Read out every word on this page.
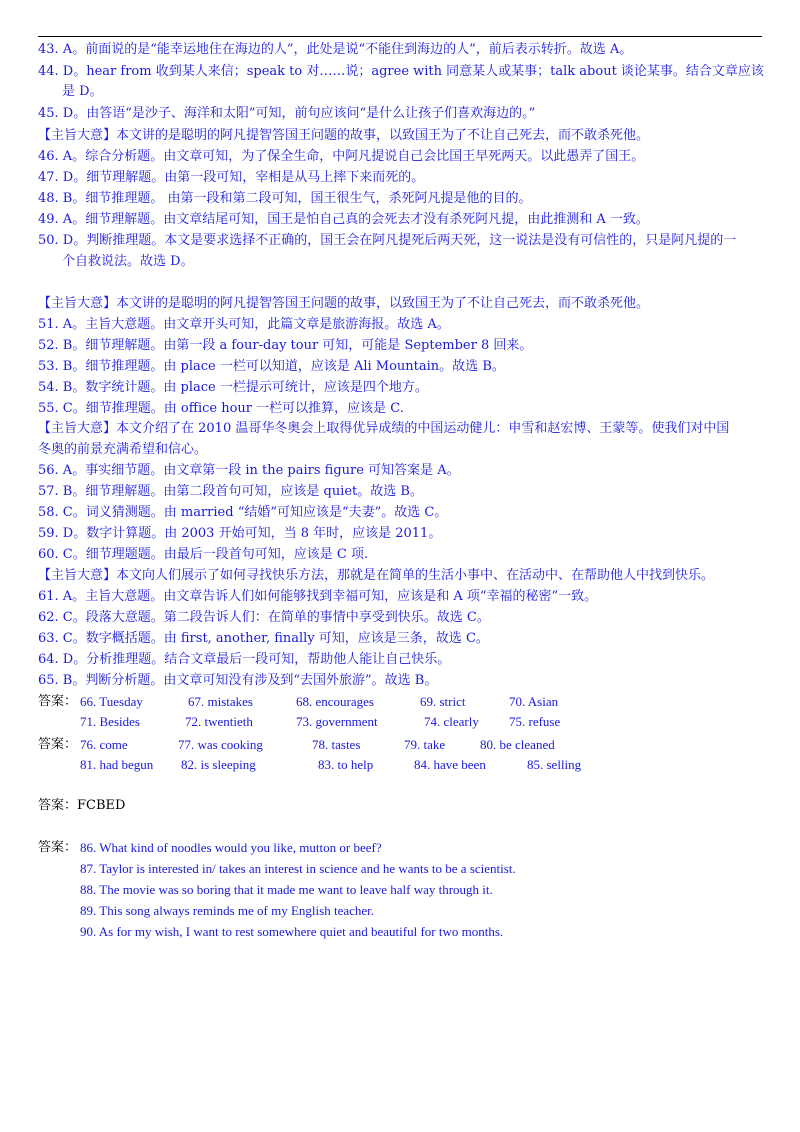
43. A。前面说的是“能幸运地住在海边的人”，此处是说“不能住到海边的人”，前后表示转折。故选 A。
44. D。hear from 收到某人来信；speak to 对……说；agree with 同意某人或某事；talk about 谈论某事。结合文章应该
是 D。
45. D。由答语“是沙子、海洋和太阳”可知，前句应该问“是什么让孩子们喜欢海边的。”
【主旨大意】本文讲的是聪明的阿凡提智答国王问题的故事，以致国王为了不让自己死去，而不敢杀死他。
46. A。综合分析题。由文章可知，为了保全生命，中阿凡提说自己会比国王早死两天。以此愚弄了国王。
47. D。细节理解题。由第一段可知，宰相是从马上摔下来而死的。
48. B。细节推理题。 由第一段和第二段可知，国王很生气，杀死阿凡提是他的目的。
49. A。细节理解题。由文章结尾可知，国王是怕自己真的会死去才没有杀死阿凡提，由此推测和 A 一致。
50. D。判断推理题。本文是要求选择不正确的，国王会在阿凡提死后两天死，这一说法是没有可信性的，只是阿凡提的一
个自救说法。故选 D。
【主旨大意】本文讲的是聪明的阿凡提智答国王问题的故事，以致国王为了不让自己死去，而不敢杀死他。
51. A。主旨大意题。由文章开头可知，此篇文章是旅游海报。故选 A。
52. B。细节理解题。由第一段 a four-day tour 可知，可能是 September 8 回来。
53. B。细节推理题。由 place 一栏可以知道，应该是 Ali Mountain。故选 B。
54. B。数字统计题。由 place 一栏提示可统计，应该是四个地方。
55. C。细节推理题。由 office hour 一栏可以推算，应该是 C.
【主旨大意】本文介绍了在 2010 温哥华冬奥会上取得优异成绩的中国运动健儿：申雪和赵宏博、王蒙等。使我们对中国
冬奥的前景充满希望和信心。
56. A。事实细节题。由文章第一段 in the pairs figure 可知答案是 A。
57. B。细节理解题。由第二段首句可知，应该是 quiet。故选 B。
58. C。词义猜测题。由 married “结婚”可知应该是“夫妻”。故选 C。
59. D。数字计算题。由 2003 开始可知，当 8 年时，应该是 2011。
60. C。细节理题题。由最后一段首句可知，应该是 C 项.
【主旨大意】本文向人们展示了如何寻找快乐方法，那就是在简单的生活小事中、在活动中、在帮助他人中找到快乐。
61. A。主旨大意题。由文章告诉人们如何能够找到幸福可知，应该是和 A 项“幸福的秘密”一致。
62. C。段落大意题。第二段告诉人们：在简单的事情中享受到快乐。故选 C。
63. C。数字概括题。由 first, another, finally 可知，应该是三条，故选 C。
64. D。分析推理题。结合文章最后一段可知，帮助他人能让自己快乐。
65. B。判断分析题。由文章可知没有涉及到“去国外旅游”。故选 B。
答案： 66. Tuesday	67. mistakes	68. encourages	69. strict	70. Asian
71. Besides	72. twentieth	73. government	74. clearly 75. refuse
答案： 76. come	77. was cooking	78. tastes	79. take	80. be cleaned
81. had begun 82. is sleeping	83. to help	84. have been	85. selling
答案：FCBED
答案： 86. What kind of noodles would you like, mutton or beef?
87. Taylor is interested in/ takes an interest in science and he wants to be a scientist.
88. The movie was so boring that it made me want to leave half way through it.
89. This song always reminds me of my English teacher.
90. As for my wish, I want to rest somewhere quiet and beautiful for two months.
